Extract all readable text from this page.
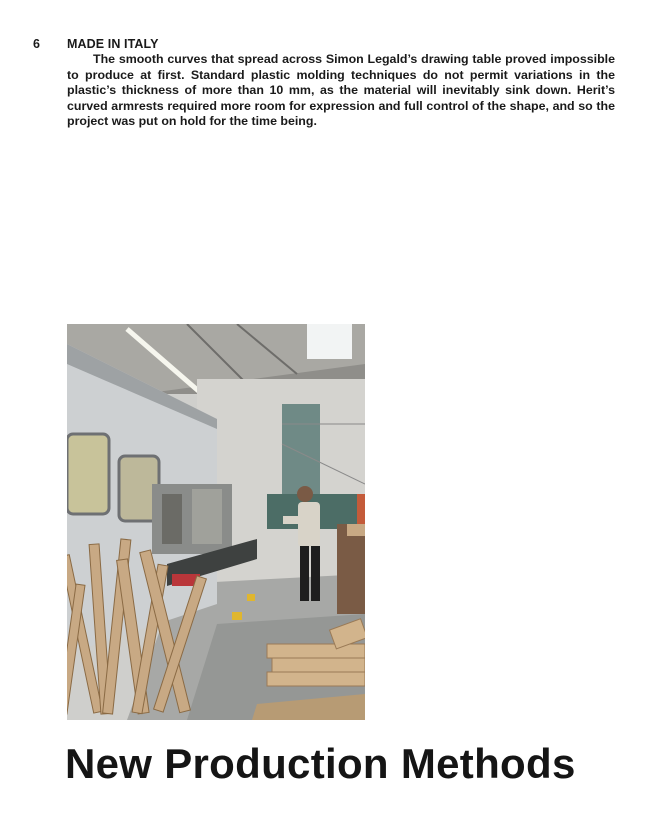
6 MADE IN ITALY

The smooth curves that spread across Simon Legald’s drawing table proved impossible to produce at first. Standard plastic molding techniques do not permit variations in the plastic’s thickness of more than 10 mm, as the material will inevitably sink down. Herit’s curved armrests required more room for expression and full control of the shape, and so the project was put on hold for the time being.

New Production Methods
